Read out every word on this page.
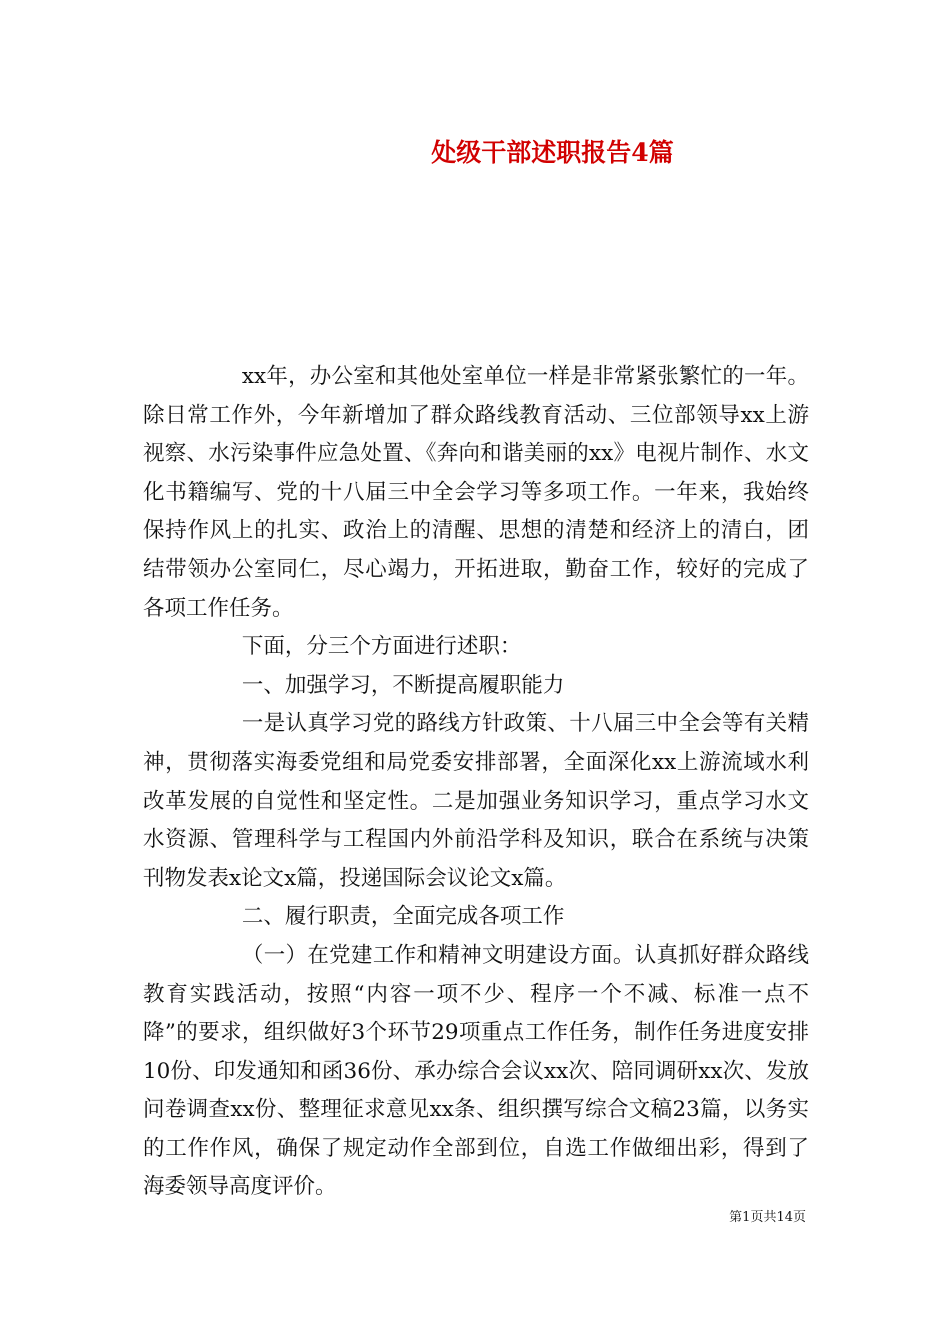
处级干部述职报告4篇

xx年，办公室和其他处室单位一样是非常紧张繁忙的一年。除日常工作外，今年新增加了群众路线教育活动、三位部领导xx上游视察、水污染事件应急处置、《奔向和谐美丽的xx》电视片制作、水文化书籍编写、党的十八届三中全会学习等多项工作。一年来，我始终保持作风上的扎实、政治上的清醒、思想的清楚和经济上的清白，团结带领办公室同仁，尽心竭力，开拓进取，勤奋工作，较好的完成了各项工作任务。

下面，分三个方面进行述职：

一、加强学习，不断提高履职能力

一是认真学习党的路线方针政策、十八届三中全会等有关精神，贯彻落实海委党组和局党委安排部署，全面深化xx上游流域水利改革发展的自觉性和坚定性。二是加强业务知识学习，重点学习水文水资源、管理科学与工程国内外前沿学科及知识，联合在系统与决策刊物发表x论文x篇，投递国际会议论文x篇。

二、履行职责，全面完成各项工作

（一）在党建工作和精神文明建设方面。认真抓好群众路线教育实践活动，按照“内容一项不少、程序一个不减、标准一点不降”的要求，组织做好3个环节29项重点工作任务，制作任务进度安排10份、印发通知和函36份、承办综合会议xx次、陪同调研xx次、发放问卷调查xx份、整理征求意见xx条、组织撰写综合文稿23篇，以务实的工作作风，确保了规定动作全部到位，自选工作做细出彩，得到了海委领导高度评价。

第1页共14页
